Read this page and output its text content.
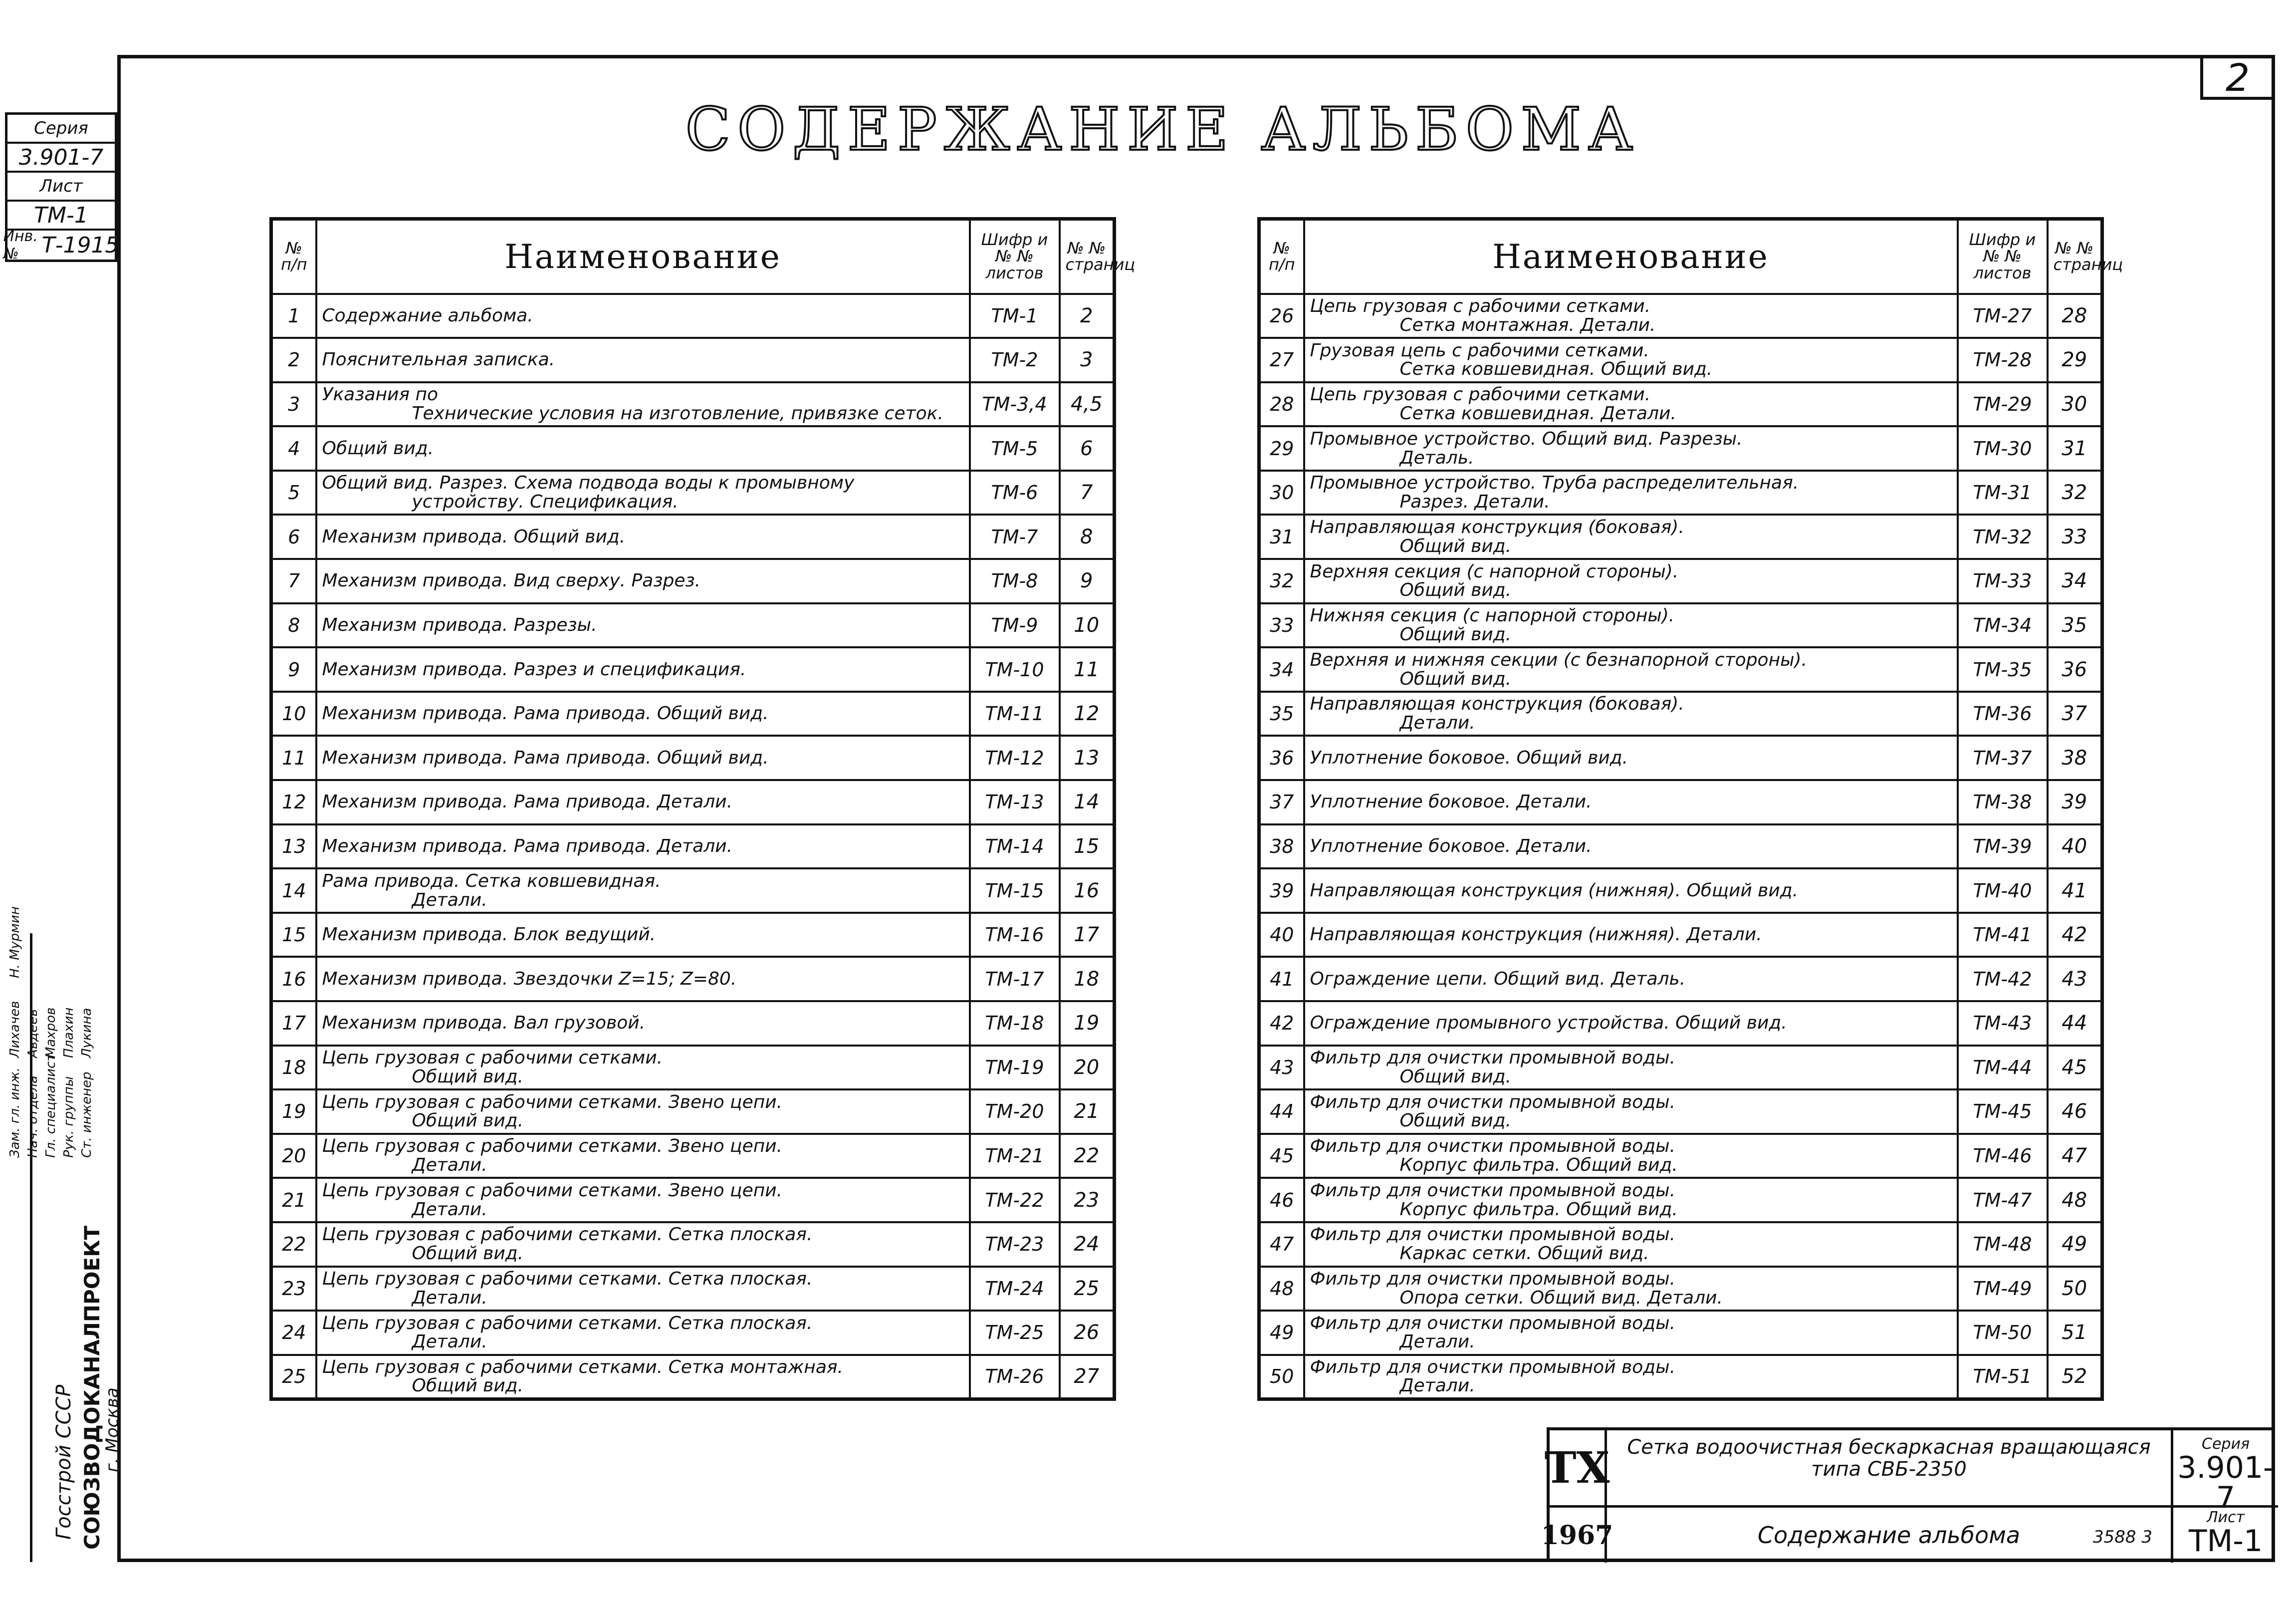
2
Серия
3.901-7
Лист
ТМ-1
Инв. №	Т-1915
СОДЕРЖАНИЕ АЛЬБОМА
№ п/п	Наименование	Шифр и № № листов	№ № страниц
1	Содержание альбома.	ТМ-1	2
2	Пояснительная записка.	ТМ-2	3
3	Указания по
Технические условия на изготовление, привязке сеток.	ТМ-3,4	4,5
4	Общий вид.	ТМ-5	6
5	Общий вид. Разрез. Схема подвода воды к промывному
устройству. Спецификация.	ТМ-6	7
6	Механизм привода. Общий вид.	ТМ-7	8
7	Механизм привода. Вид сверху. Разрез.	ТМ-8	9
8	Механизм привода. Разрезы.	ТМ-9	10
9	Механизм привода. Разрез и спецификация.	ТМ-10	11
10	Механизм привода. Рама привода. Общий вид.	ТМ-11	12
11	Механизм привода. Рама привода. Общий вид.	ТМ-12	13
12	Механизм привода. Рама привода. Детали.	ТМ-13	14
13	Механизм привода. Рама привода. Детали.	ТМ-14	15
14	Рама привода. Сетка ковшевидная.
Детали.	ТМ-15	16
15	Механизм привода. Блок ведущий.	ТМ-16	17
16	Механизм привода. Звездочки Z=15; Z=80.	ТМ-17	18
17	Механизм привода. Вал грузовой.	ТМ-18	19
18	Цепь грузовая с рабочими сетками.
Общий вид.	ТМ-19	20
19	Цепь грузовая с рабочими сетками. Звено цепи.
Общий вид.	ТМ-20	21
20	Цепь грузовая с рабочими сетками. Звено цепи.
Детали.	ТМ-21	22
21	Цепь грузовая с рабочими сетками. Звено цепи.
Детали.	ТМ-22	23
22	Цепь грузовая с рабочими сетками. Сетка плоская.
Общий вид.	ТМ-23	24
23	Цепь грузовая с рабочими сетками. Сетка плоская.
Детали.	ТМ-24	25
24	Цепь грузовая с рабочими сетками. Сетка плоская.
Детали.	ТМ-25	26
25	Цепь грузовая с рабочими сетками. Сетка монтажная.
Общий вид.	ТМ-26	27
№ п/п	Наименование	Шифр и № № листов	№ № страниц
26	Цепь грузовая с рабочими сетками.
Сетка монтажная. Детали.	ТМ-27	28
27	Грузовая цепь с рабочими сетками.
Сетка ковшевидная. Общий вид.	ТМ-28	29
28	Цепь грузовая с рабочими сетками.
Сетка ковшевидная. Детали.	ТМ-29	30
29	Промывное устройство. Общий вид. Разрезы.
Деталь.	ТМ-30	31
30	Промывное устройство. Труба распределительная.
Разрез. Детали.	ТМ-31	32
31	Направляющая конструкция (боковая).
Общий вид.	ТМ-32	33
32	Верхняя секция (с напорной стороны).
Общий вид.	ТМ-33	34
33	Нижняя секция (с напорной стороны).
Общий вид.	ТМ-34	35
34	Верхняя и нижняя секции (с безнапорной стороны).
Общий вид.	ТМ-35	36
35	Направляющая конструкция (боковая).
Детали.	ТМ-36	37
36	Уплотнение боковое. Общий вид.	ТМ-37	38
37	Уплотнение боковое. Детали.	ТМ-38	39
38	Уплотнение боковое. Детали.	ТМ-39	40
39	Направляющая конструкция (нижняя). Общий вид.	ТМ-40	41
40	Направляющая конструкция (нижняя). Детали.	ТМ-41	42
41	Ограждение цепи. Общий вид. Деталь.	ТМ-42	43
42	Ограждение промывного устройства. Общий вид.	ТМ-43	44
43	Фильтр для очистки промывной воды.
Общий вид.	ТМ-44	45
44	Фильтр для очистки промывной воды.
Общий вид.	ТМ-45	46
45	Фильтр для очистки промывной воды.
Корпус фильтра. Общий вид.	ТМ-46	47
46	Фильтр для очистки промывной воды.
Корпус фильтра. Общий вид.	ТМ-47	48
47	Фильтр для очистки промывной воды.
Каркас сетки. Общий вид.	ТМ-48	49
48	Фильтр для очистки промывной воды.
Опора сетки. Общий вид. Детали.	ТМ-49	50
49	Фильтр для очистки промывной воды.
Детали.	ТМ-50	51
50	Фильтр для очистки промывной воды.
Детали.	ТМ-51	52
Госстрой СССР СОЮЗВОДОКАНАЛПРОЕКТ
г. Москва
Зам. гл. инж.
Лихачев
Н. Мурмин
Нач. отдела
Авдеев
Гл. специалист
Махров
Рук. группы
Плахин
Ст. инженер
Лукина
ТХ
1967
Сетка водоочистная бескаркасная вращающаяся
типа СВБ-2350
Содержание альбома
Серия
3.901-7
Лист
ТМ-1
3588 3
